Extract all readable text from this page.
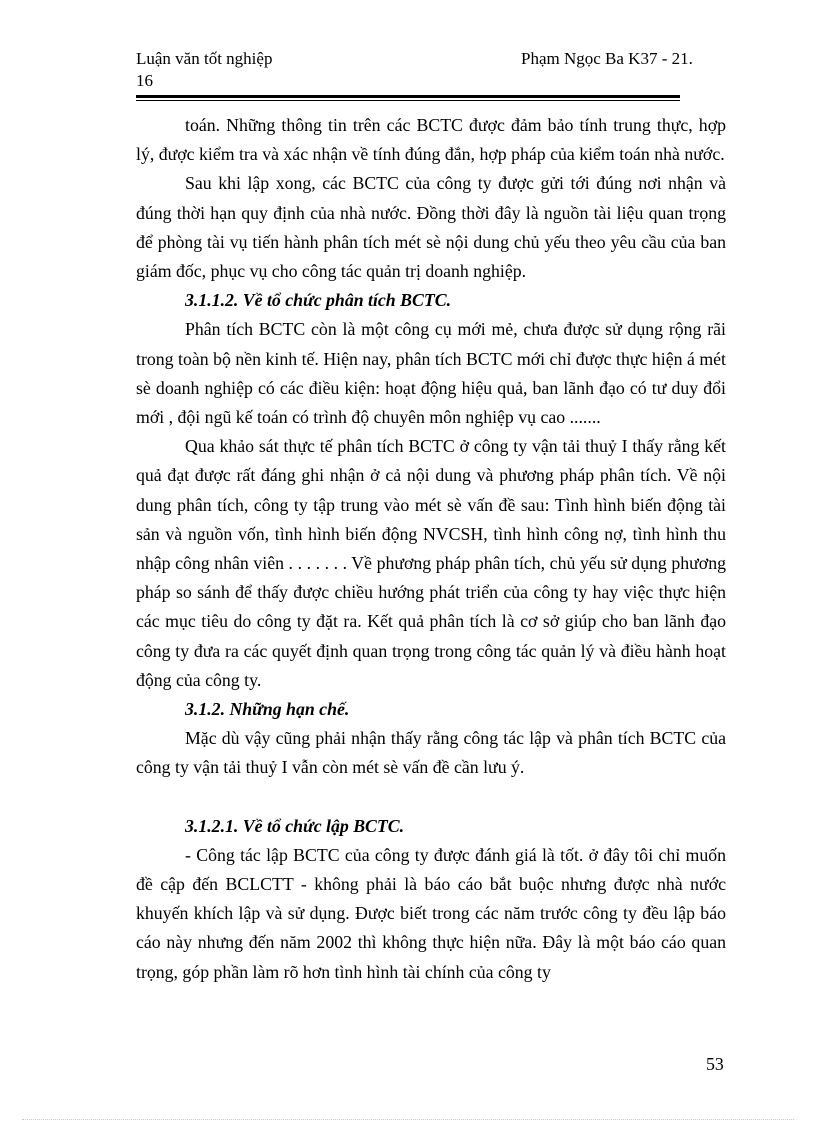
Luận văn tốt nghiệp	Phạm Ngọc Ba K37 - 21.
16

toán. Những thông tin trên các BCTC được đảm bảo tính trung thực, hợp lý, được kiểm tra và xác nhận về tính đúng đắn, hợp pháp của kiểm toán nhà nước.

Sau khi lập xong, các BCTC của công ty được gửi tới đúng nơi nhận và đúng thời hạn quy định của nhà nước. Đồng thời đây là nguồn tài liệu quan trọng để phòng tài vụ tiến hành phân tích mét sè nội dung chủ yếu theo yêu cầu của ban giám đốc, phục vụ cho công tác quản trị doanh nghiệp.

3.1.1.2. Về tổ chức phân tích BCTC.

Phân tích BCTC còn là một công cụ mới mẻ, chưa được sử dụng rộng rãi trong toàn bộ nền kinh tế. Hiện nay, phân tích BCTC mới chỉ được thực hiện á mét sè doanh nghiệp có các điều kiện: hoạt động hiệu quả, ban lãnh đạo có tư duy đổi mới , đội ngũ kế toán có trình độ chuyên môn nghiệp vụ cao .......

Qua khảo sát thực tế phân tích BCTC ở công ty vận tải thuỷ I thấy rằng kết quả đạt được rất đáng ghi nhận ở cả nội dung và phương pháp phân tích. Về nội dung phân tích, công ty tập trung vào mét sè vấn đề sau: Tình hình biến động tài sản và nguồn vốn, tình hình biến động NVCSH, tình hình công nợ, tình hình thu nhập công nhân viên . . . . . . . Về phương pháp phân tích, chủ yếu sử dụng phương pháp so sánh để thấy được chiều hướng phát triển của công ty hay việc thực hiện các mục tiêu do công ty đặt ra. Kết quả phân tích là cơ sở giúp cho ban lãnh đạo công ty đưa ra các quyết định quan trọng trong công tác quản lý và điều hành hoạt động của công ty.

3.1.2. Những hạn chế.

Mặc dù vậy cũng phải nhận thấy rằng công tác lập và phân tích BCTC của công ty vận tải thuỷ I vẫn còn mét sè vấn đề cần lưu ý.

3.1.2.1. Về tổ chức lập BCTC.

- Công tác lập BCTC của công ty được đánh giá là tốt. ở đây tôi chỉ muốn đề cập đến BCLCTT - không phải là báo cáo bắt buộc nhưng được nhà nước khuyến khích lập và sử dụng. Được biết trong các năm trước công ty đều lập báo cáo này nhưng đến năm 2002 thì không thực hiện nữa. Đây là một báo cáo quan trọng, góp phần làm rõ hơn tình hình tài chính của công ty

53
